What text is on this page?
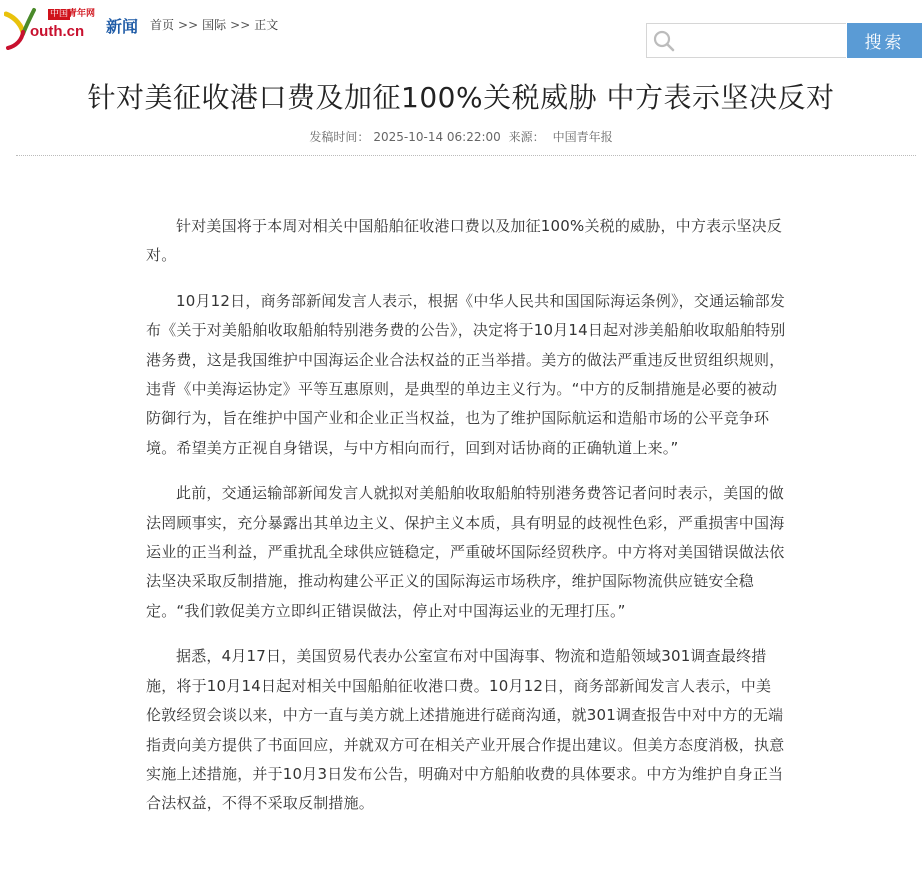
中国 青年网
outh.cn 新闻 首页 >> 国际 >> 正文
搜索
针对美征收港口费及加征100%关税威胁 中方表示坚决反对
发稿时间： 2025-10-14 06:22:00 来源： 中国青年报

针对美国将于本周对相关中国船舶征收港口费以及加征100%关税的威胁，中方表示坚决反对。

10月12日，商务部新闻发言人表示，根据《中华人民共和国国际海运条例》，交通运输部发布《关于对美船舶收取船舶特别港务费的公告》，决定将于10月14日起对涉美船舶收取船舶特别港务费，这是我国维护中国海运企业合法权益的正当举措。美方的做法严重违反世贸组织规则，违背《中美海运协定》平等互惠原则，是典型的单边主义行为。“中方的反制措施是必要的被动防御行为，旨在维护中国产业和企业正当权益，也为了维护国际航运和造船市场的公平竞争环境。希望美方正视自身错误，与中方相向而行，回到对话协商的正确轨道上来。”

此前，交通运输部新闻发言人就拟对美船舶收取船舶特别港务费答记者问时表示，美国的做法罔顾事实，充分暴露出其单边主义、保护主义本质，具有明显的歧视性色彩，严重损害中国海运业的正当利益，严重扰乱全球供应链稳定，严重破坏国际经贸秩序。中方将对美国错误做法依法坚决采取反制措施，推动构建公平正义的国际海运市场秩序，维护国际物流供应链安全稳定。“我们敦促美方立即纠正错误做法，停止对中国海运业的无理打压。”

据悉，4月17日，美国贸易代表办公室宣布对中国海事、物流和造船领域301调查最终措施，将于10月14日起对相关中国船舶征收港口费。10月12日，商务部新闻发言人表示，中美伦敦经贸会谈以来，中方一直与美方就上述措施进行磋商沟通，就301调查报告中对中方的无端指责向美方提供了书面回应，并就双方可在相关产业开展合作提出建议。但美方态度消极，执意实施上述措施，并于10月3日发布公告，明确对中方船舶收费的具体要求。中方为维护自身正当合法权益，不得不采取反制措施。
